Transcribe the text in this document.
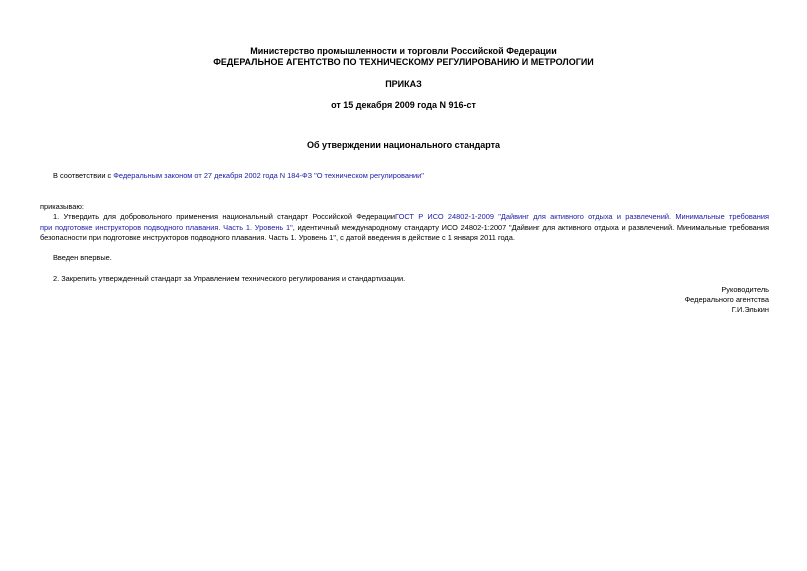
Министерство промышленности и торговли Российской Федерации
ФЕДЕРАЛЬНОЕ АГЕНТСТВО ПО ТЕХНИЧЕСКОМУ РЕГУЛИРОВАНИЮ И МЕТРОЛОГИИ
ПРИКАЗ
от 15 декабря 2009 года N 916-ст
Об утверждении национального стандарта
В соответствии с Федеральным законом от 27 декабря 2002 года N 184-ФЗ "О техническом регулировании"
приказываю:
1. Утвердить для добровольного применения национальный стандарт Российской ФедерацииГОСТ Р ИСО 24802-1-2009 "Дайвинг для активного отдыха и развлечений. Минимальные требования
при подготовке инструкторов подводного плавания. Часть 1. Уровень 1", идентичный международному стандарту ИСО 24802-1:2007 "Дайвинг для активного отдыха и развлечений. Минимальные требования
безопасности при подготовке инструкторов подводного плавания. Часть 1. Уровень 1", с датой введения в действие с 1 января 2011 года.
Введен впервые.
2. Закрепить утвержденный стандарт за Управлением технического регулирования и стандартизации.
Руководитель
Федерального агентства
Г.И.Элькин
